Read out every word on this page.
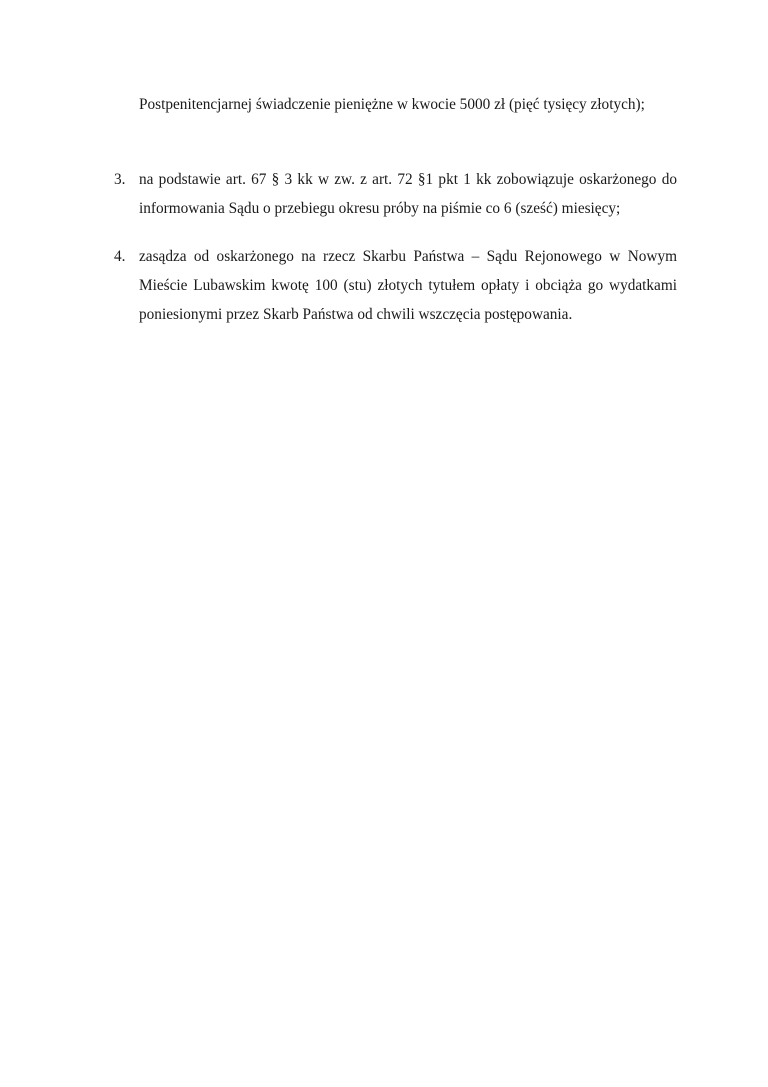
Postpenitencjarnej świadczenie pieniężne w kwocie 5000 zł (pięć tysięcy złotych);
3. na podstawie art. 67 § 3 kk w zw. z art. 72 §1 pkt 1 kk zobowiązuje oskarżonego do informowania Sądu o przebiegu okresu próby na piśmie co 6 (sześć) miesięcy;
4. zasądza od oskarżonego na rzecz Skarbu Państwa – Sądu Rejonowego w Nowym Mieście Lubawskim kwotę 100 (stu) złotych tytułem opłaty i obciąża go wydatkami poniesionymi przez Skarb Państwa od chwili wszczęcia postępowania.
